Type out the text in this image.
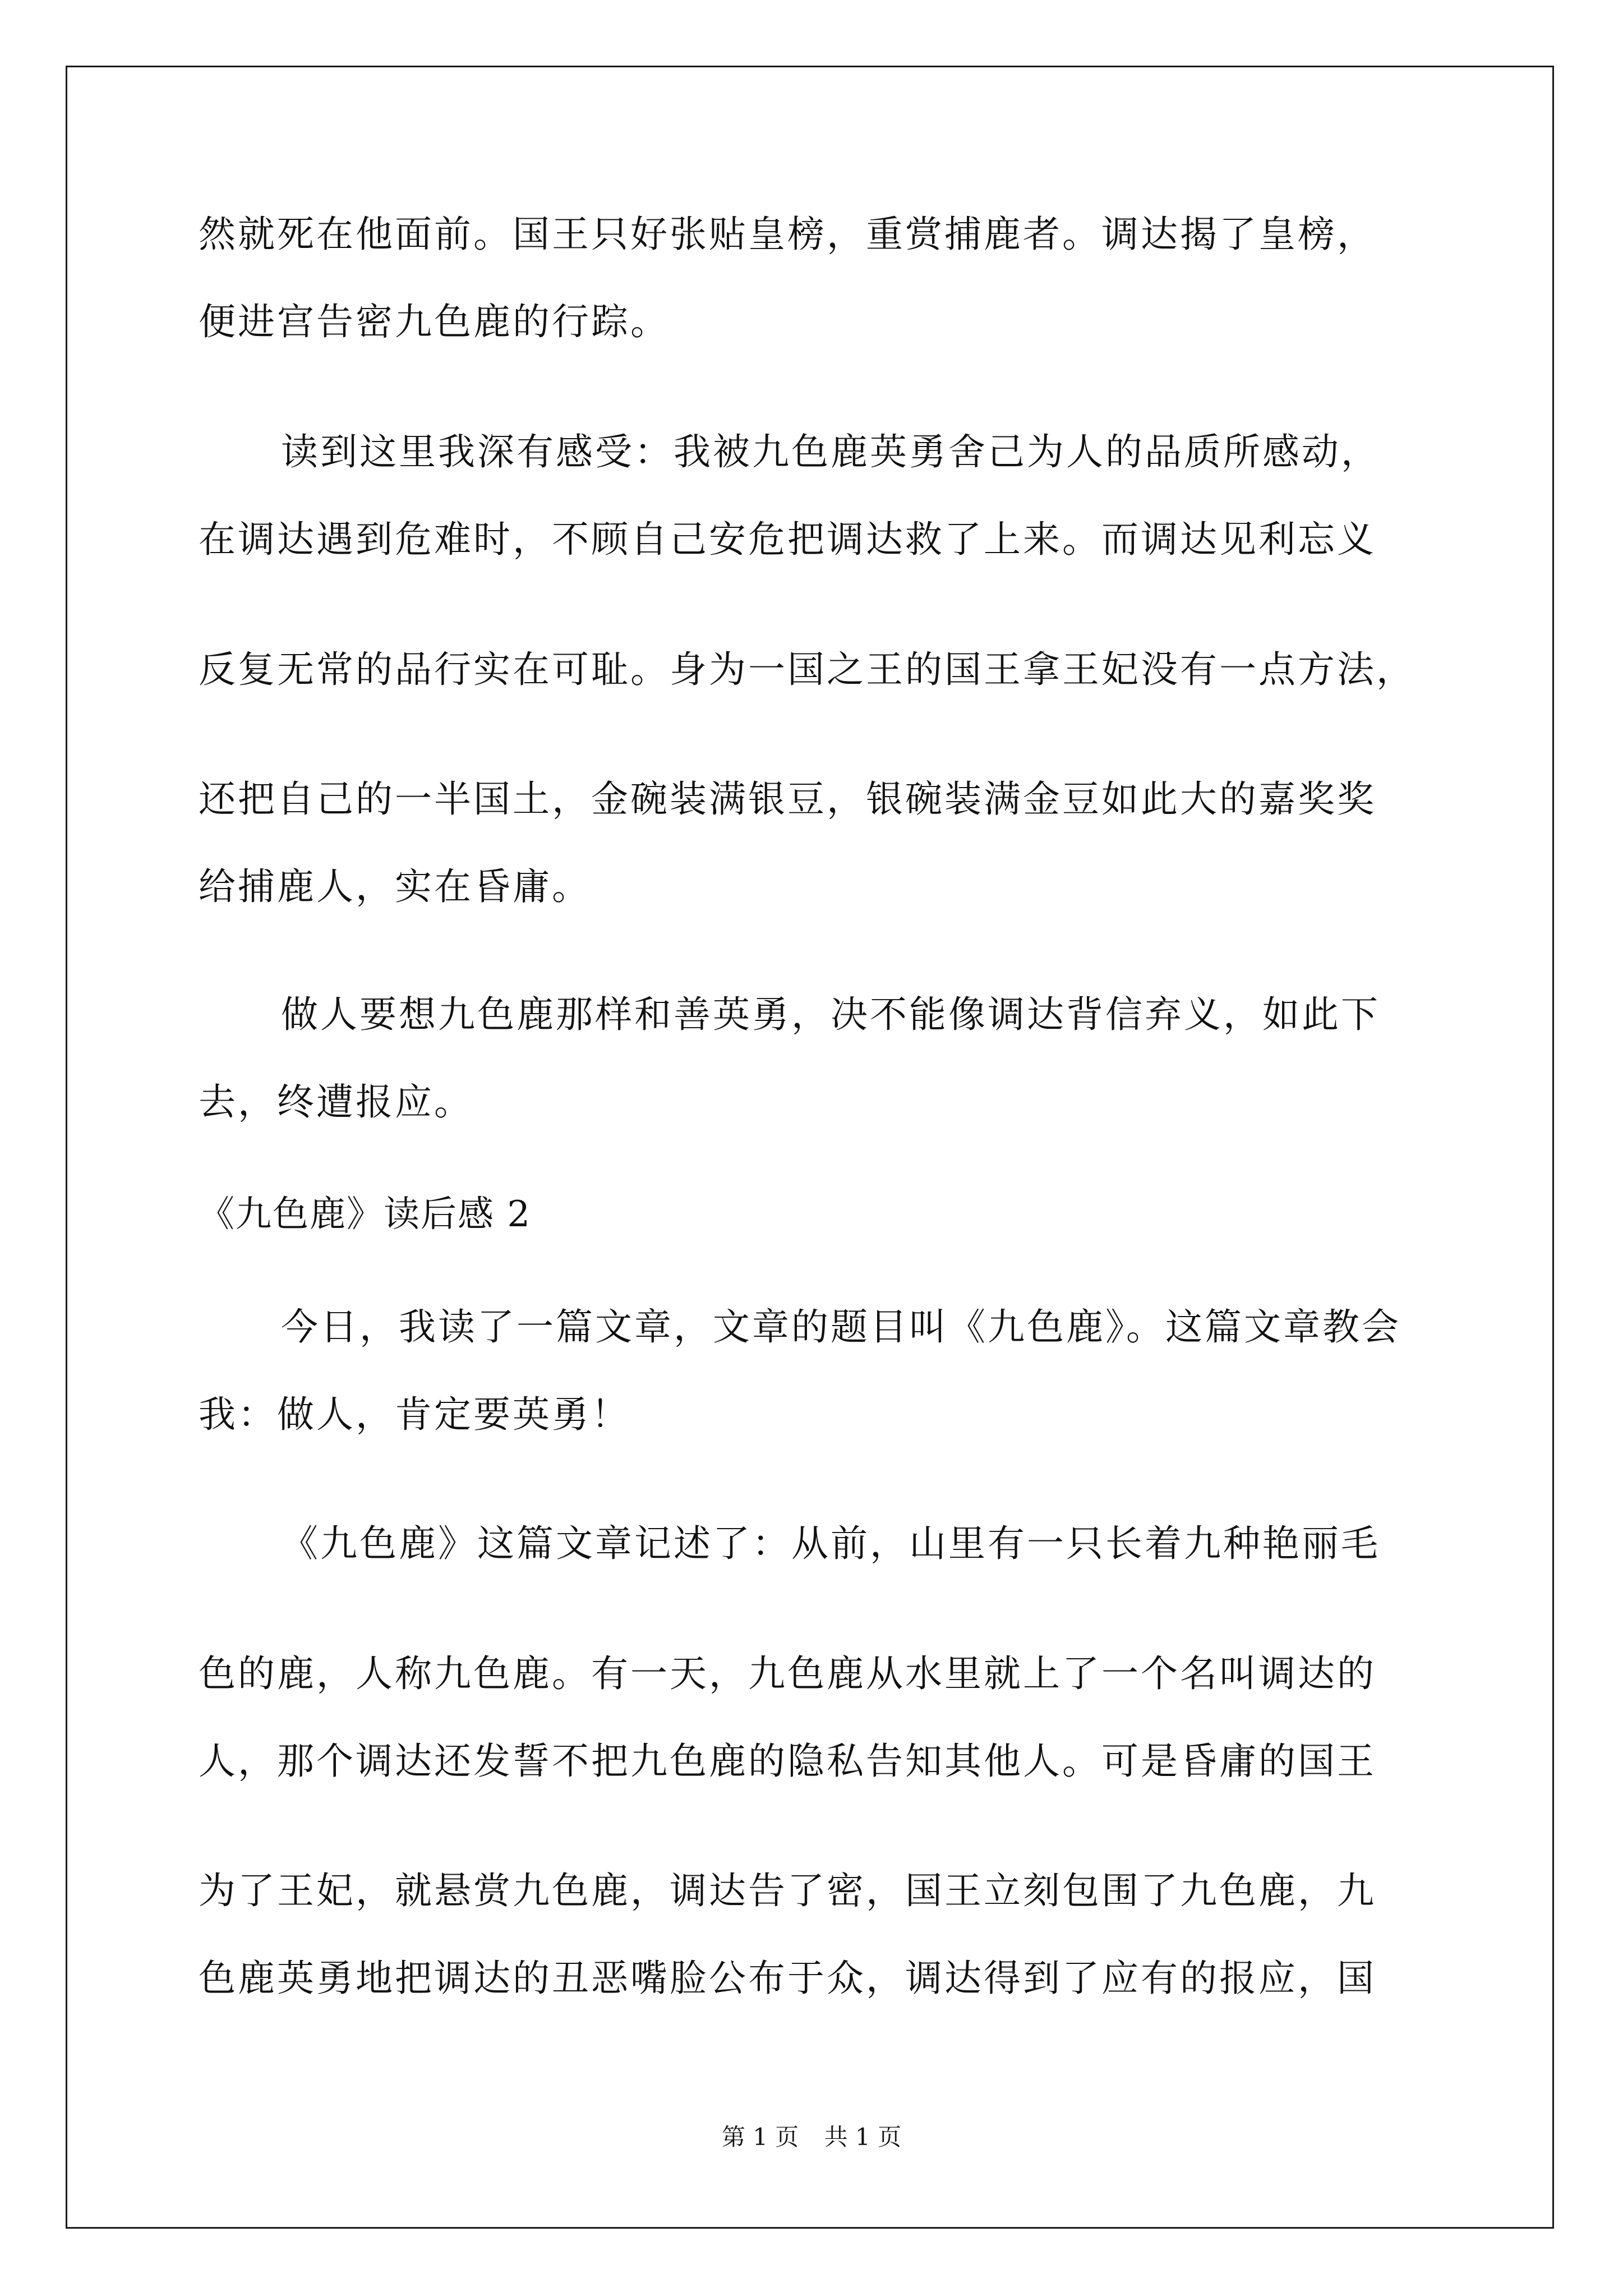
然就死在他面前。国王只好张贴皇榜，重赏捕鹿者。调达揭了皇榜，
便进宫告密九色鹿的行踪。
读到这里我深有感受：我被九色鹿英勇舍己为人的品质所感动，
在调达遇到危难时，不顾自己安危把调达救了上来。而调达见利忘义
反复无常的品行实在可耻。身为一国之王的国王拿王妃没有一点方法，
还把自己的一半国土，金碗装满银豆，银碗装满金豆如此大的嘉奖奖
给捕鹿人，实在昏庸。
做人要想九色鹿那样和善英勇，决不能像调达背信弃义，如此下
去，终遭报应。
《九色鹿》读后感 2
今日，我读了一篇文章，文章的题目叫《九色鹿》。这篇文章教会
我：做人，肯定要英勇！
《九色鹿》这篇文章记述了：从前，山里有一只长着九种艳丽毛
色的鹿，人称九色鹿。有一天，九色鹿从水里就上了一个名叫调达的
人，那个调达还发誓不把九色鹿的隐私告知其他人。可是昏庸的国王
为了王妃，就悬赏九色鹿，调达告了密，国王立刻包围了九色鹿，九
色鹿英勇地把调达的丑恶嘴脸公布于众，调达得到了应有的报应，国
第 1 页 共 1 页
